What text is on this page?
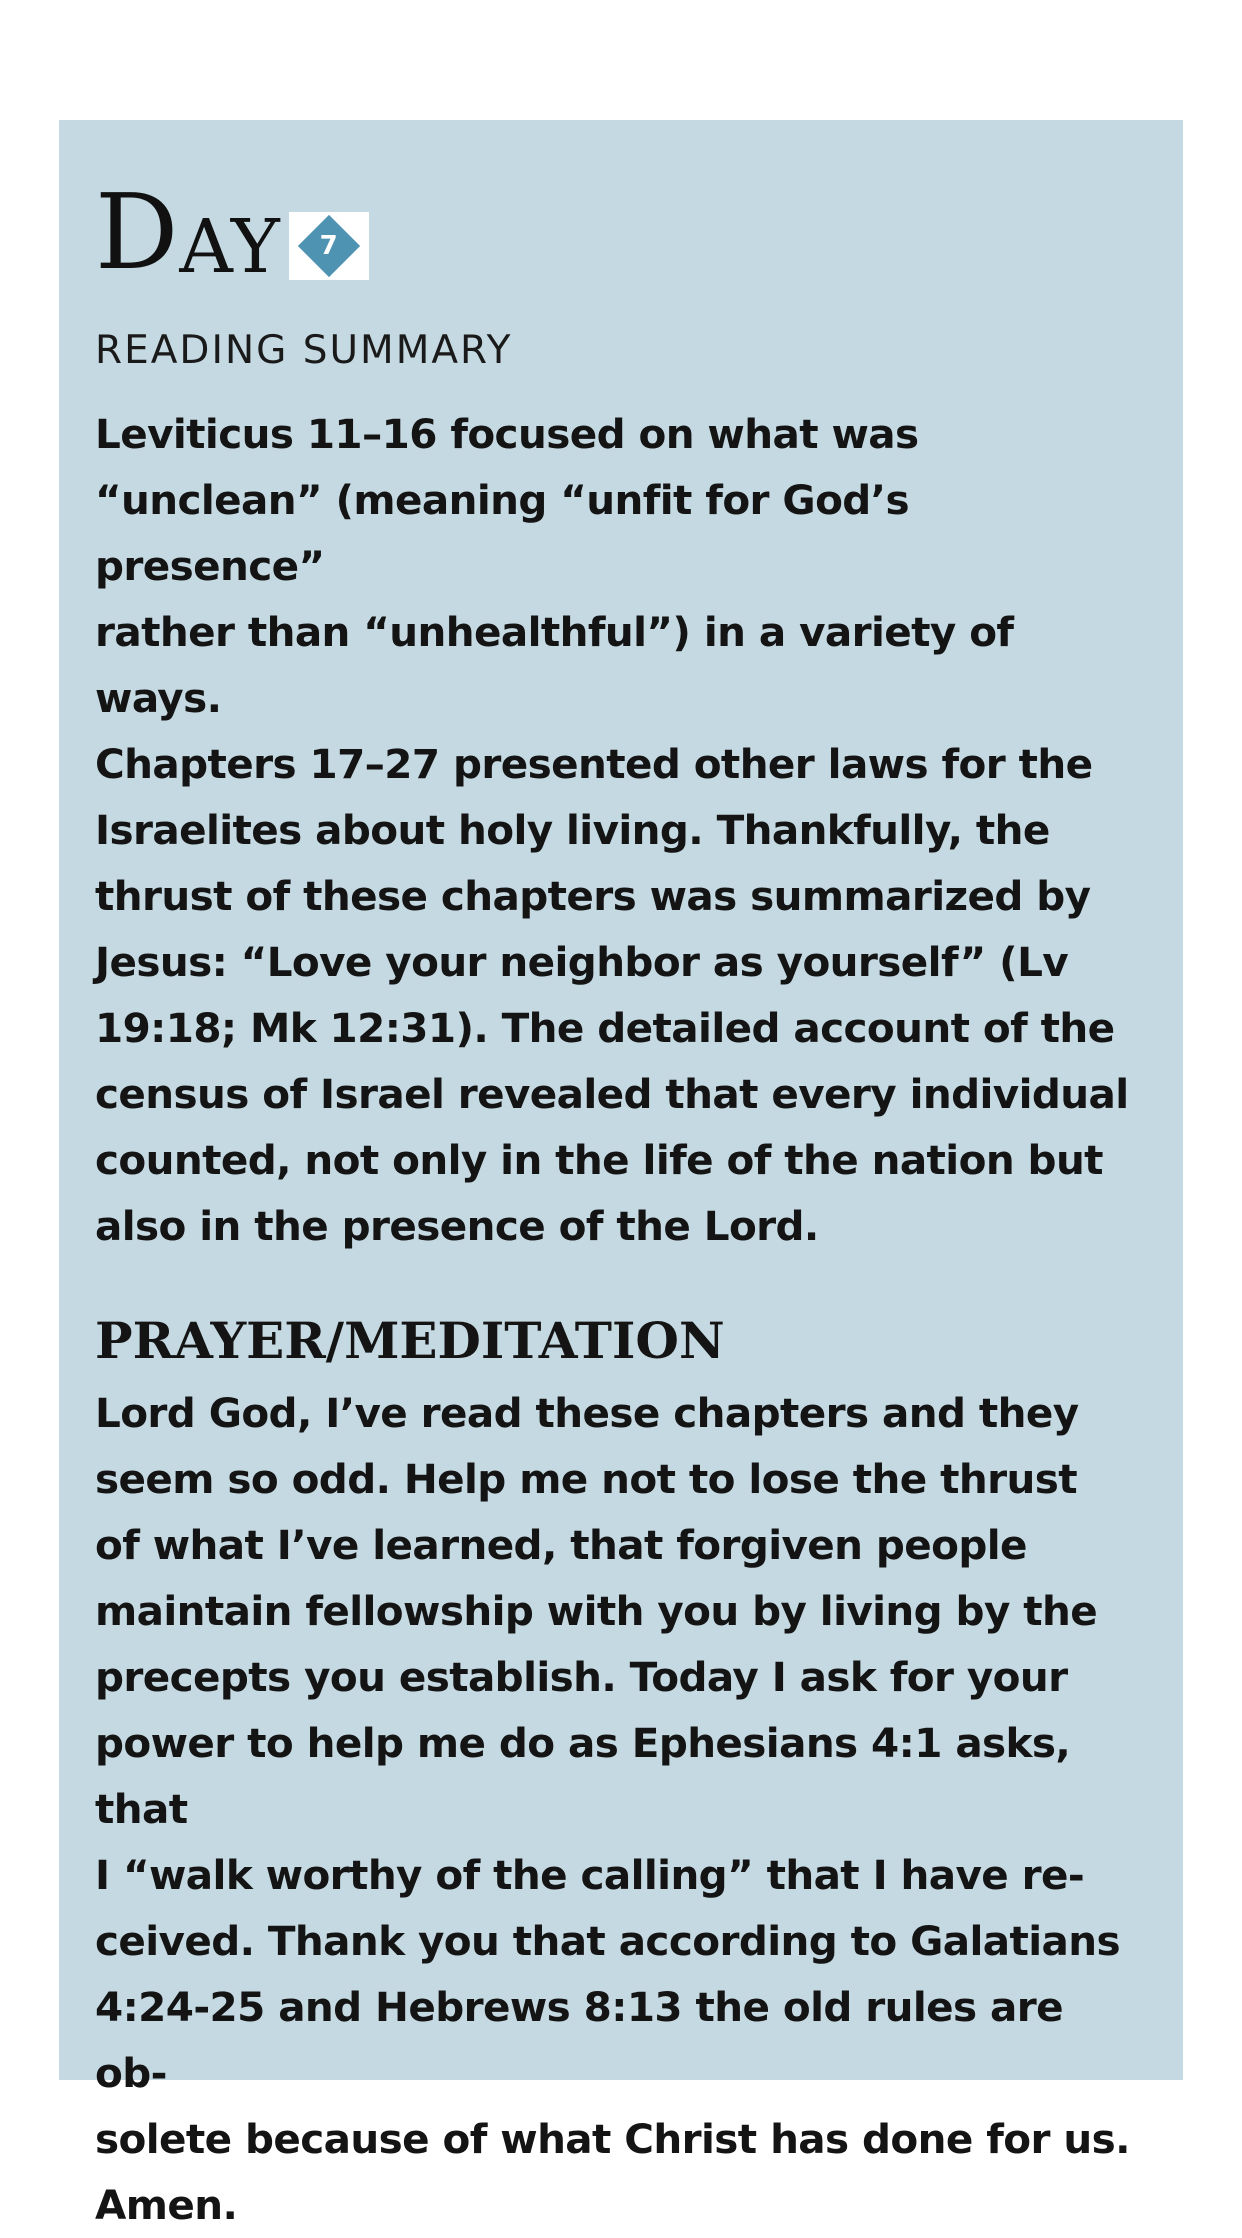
D AY 7
READING SUMMARY
Leviticus 11–16 focused on what was
“unclean” (meaning “unfit for God’s presence”
rather than “unhealthful”) in a variety of ways.
Chapters 17–27 presented other laws for the
Israelites about holy living. Thankfully, the
thrust of these chapters was summarized by
Jesus: “Love your neighbor as yourself” (Lv
19:18; Mk 12:31). The detailed account of the
census of Israel revealed that every individual
counted, not only in the life of the nation but
also in the presence of the Lord.
PRAYER/MEDITATION
Lord God, I’ve read these chapters and they
seem so odd. Help me not to lose the thrust
of what I’ve learned, that forgiven people
maintain fellowship with you by living by the
precepts you establish. Today I ask for your
power to help me do as Ephesians 4:1 asks, that
I “walk worthy of the calling” that I have re-
ceived. Thank you that according to Galatians
4:24-25 and Hebrews 8:13 the old rules are ob-
solete because of what Christ has done for us.
Amen.
